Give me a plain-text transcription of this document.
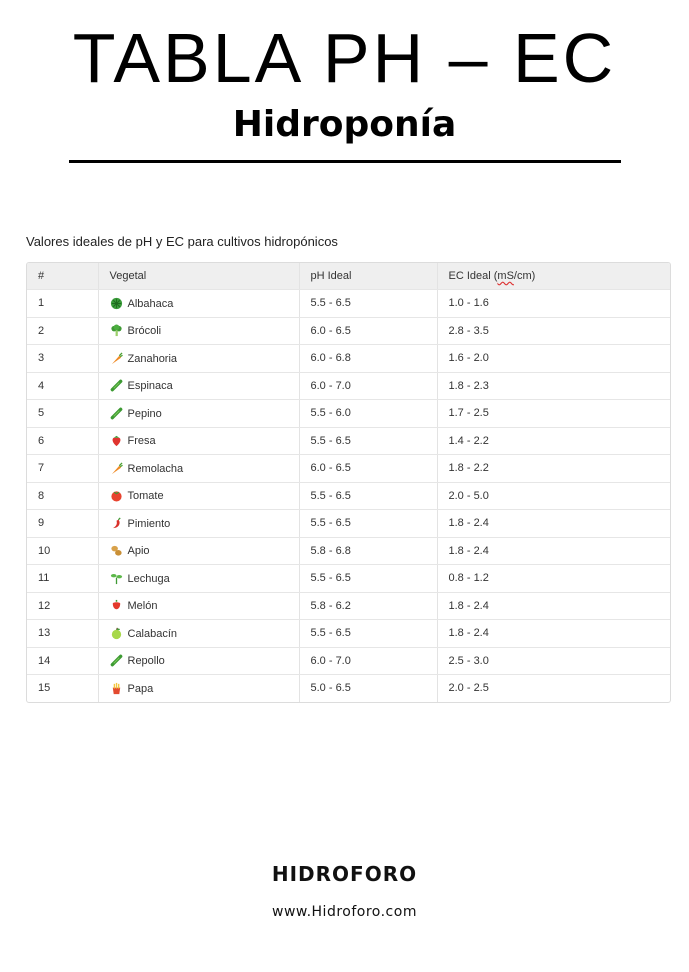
TABLA PH – EC
Hidroponía
Valores ideales de pH y EC para cultivos hidropónicos
#	Vegetal	pH Ideal	EC Ideal (mS/cm)
1	Albahaca	5.5 - 6.5	1.0 - 1.6
2	Brócoli	6.0 - 6.5	2.8 - 3.5
3	Zanahoria	6.0 - 6.8	1.6 - 2.0
4	Espinaca	6.0 - 7.0	1.8 - 2.3
5	Pepino	5.5 - 6.0	1.7 - 2.5
6	Fresa	5.5 - 6.5	1.4 - 2.2
7	Remolacha	6.0 - 6.5	1.8 - 2.2
8	Tomate	5.5 - 6.5	2.0 - 5.0
9	Pimiento	5.5 - 6.5	1.8 - 2.4
10	Apio	5.8 - 6.8	1.8 - 2.4
11	Lechuga	5.5 - 6.5	0.8 - 1.2
12	Melón	5.8 - 6.2	1.8 - 2.4
13	Calabacín	5.5 - 6.5	1.8 - 2.4
14	Repollo	6.0 - 7.0	2.5 - 3.0
15	Papa	5.0 - 6.5	2.0 - 2.5
HIDROFORO
www.Hidroforo.com
